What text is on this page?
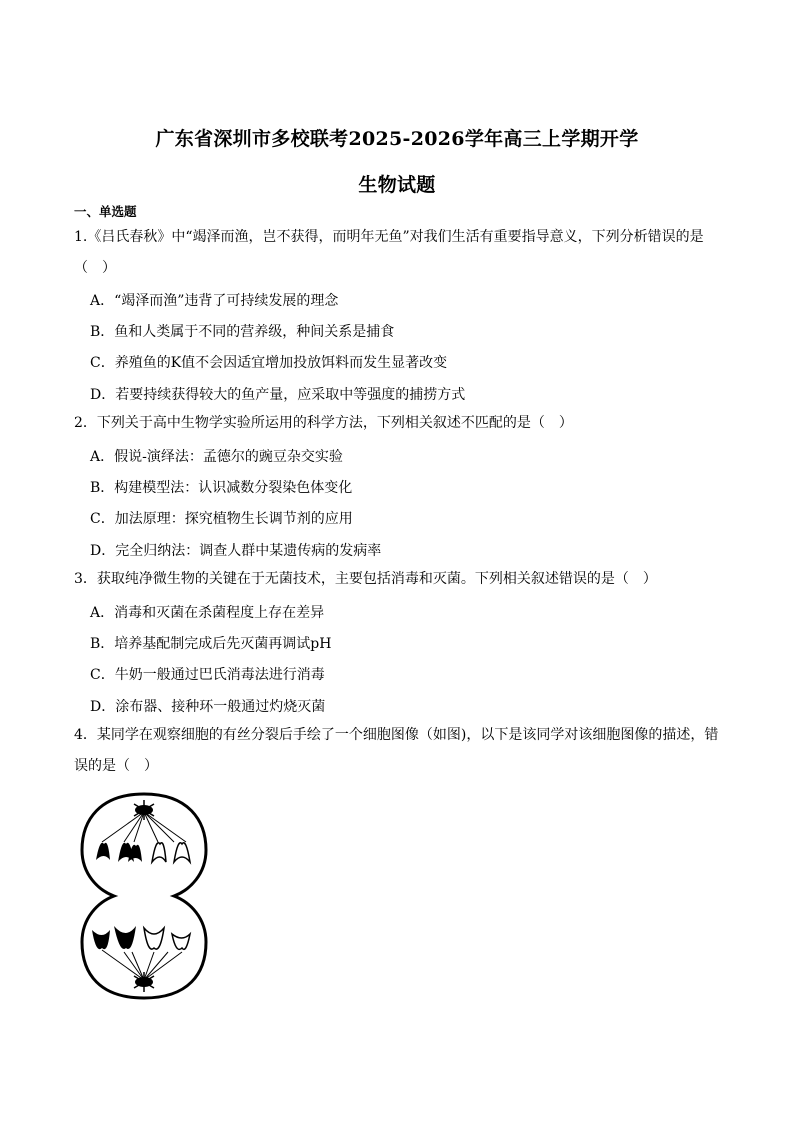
广东省深圳市多校联考2025-2026学年高三上学期开学
生物试题
一、单选题
1.《吕氏春秋》中“竭泽而渔，岂不获得，而明年无鱼”对我们生活有重要指导意义，下列分析错误的是
（　）
A．“竭泽而渔”违背了可持续发展的理念
B．鱼和人类属于不同的营养级，种间关系是捕食
C．养殖鱼的K值不会因适宜增加投放饵料而发生显著改变
D．若要持续获得较大的鱼产量，应采取中等强度的捕捞方式
2．下列关于高中生物学实验所运用的科学方法，下列相关叙述不匹配的是（　）
A．假说-演绎法：孟德尔的豌豆杂交实验
B．构建模型法：认识减数分裂染色体变化
C．加法原理：探究植物生长调节剂的应用
D．完全归纳法：调查人群中某遗传病的发病率
3．获取纯净微生物的关键在于无菌技术，主要包括消毒和灭菌。下列相关叙述错误的是（　）
A．消毒和灭菌在杀菌程度上存在差异
B．培养基配制完成后先灭菌再调试pH
C．牛奶一般通过巴氏消毒法进行消毒
D．涂布器、接种环一般通过灼烧灭菌
4．某同学在观察细胞的有丝分裂后手绘了一个细胞图像（如图)，以下是该同学对该细胞图像的描述，错
误的是（　）
